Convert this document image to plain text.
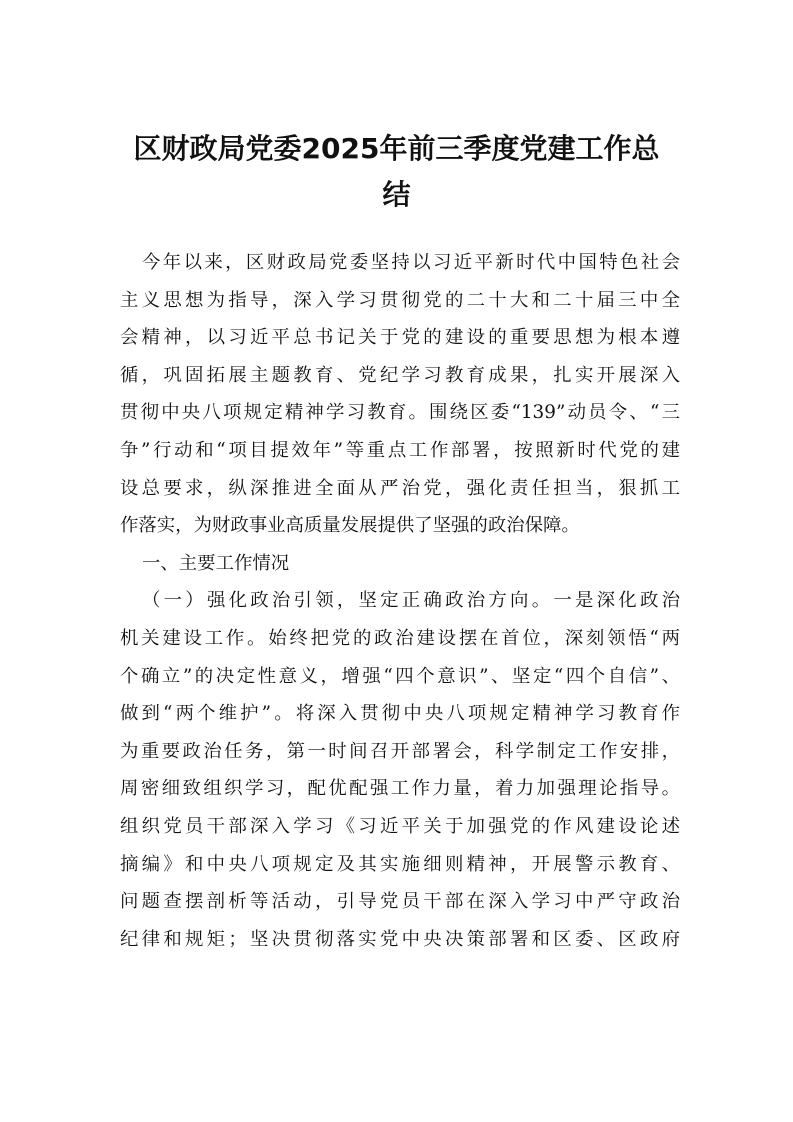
区财政局党委2025年前三季度党建工作总
结
今年以来，区财政局党委坚持以习近平新时代中国特色社会
主义思想为指导，深入学习贯彻党的二十大和二十届三中全
会精神，以习近平总书记关于党的建设的重要思想为根本遵
循，巩固拓展主题教育、党纪学习教育成果，扎实开展深入
贯彻中央八项规定精神学习教育。围绕区委“139”动员令、“三
争”行动和“项目提效年”等重点工作部署，按照新时代党的建
设总要求，纵深推进全面从严治党，强化责任担当，狠抓工
作落实，为财政事业高质量发展提供了坚强的政治保障。
一、主要工作情况
（一）强化政治引领，坚定正确政治方向。一是深化政治
机关建设工作。始终把党的政治建设摆在首位，深刻领悟“两
个确立”的决定性意义，增强“四个意识”、坚定“四个自信”、
做到“两个维护”。将深入贯彻中央八项规定精神学习教育作
为重要政治任务，第一时间召开部署会，科学制定工作安排，
周密细致组织学习，配优配强工作力量，着力加强理论指导。
组织党员干部深入学习《习近平关于加强党的作风建设论述
摘编》和中央八项规定及其实施细则精神，开展警示教育、
问题查摆剖析等活动，引导党员干部在深入学习中严守政治
纪律和规矩；坚决贯彻落实党中央决策部署和区委、区政府
